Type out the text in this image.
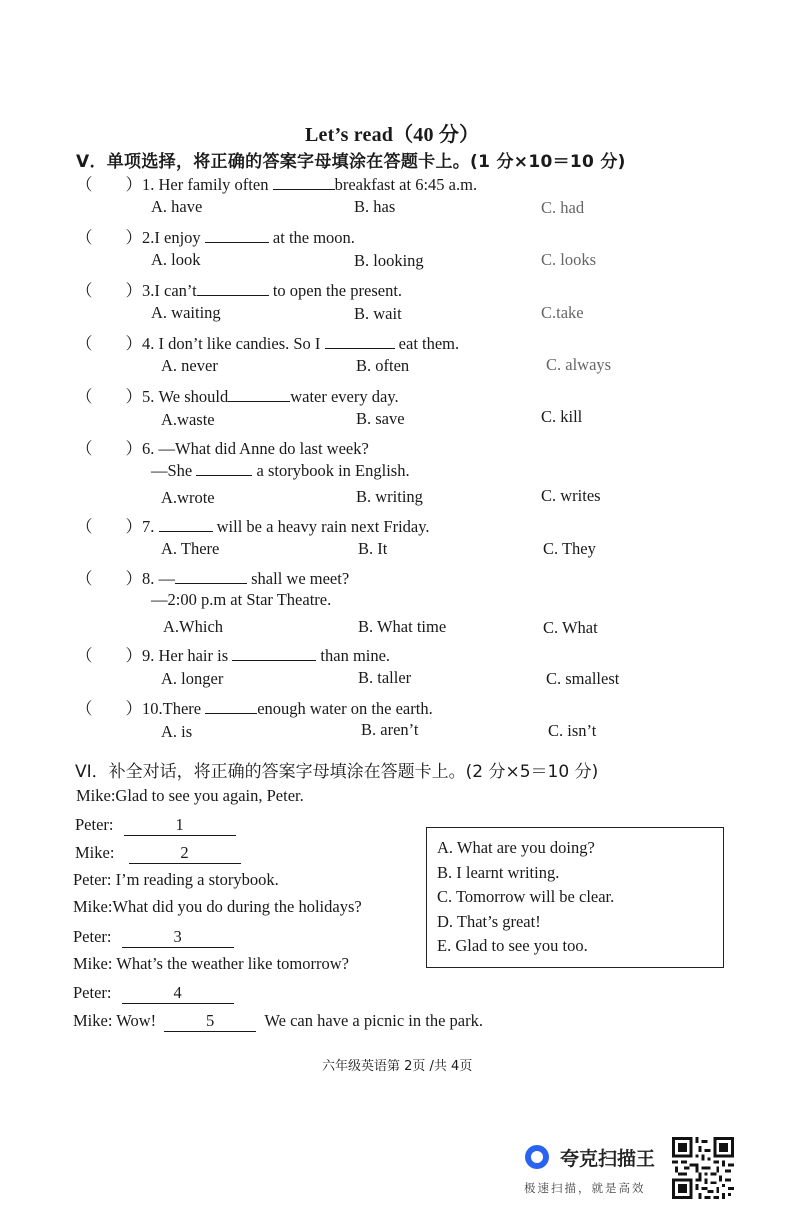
Let’s read（40 分）
V．单项选择，将正确的答案字母填涂在答题卡上。(1 分×10＝10 分)
（　　）1. Her family often	breakfast at 6:45 a.m.
A. have	B. has	C. had
（　　）2.I enjoy	at the moon.
A. look	B. looking	C. looks
（　　）3.I can’t	to open the present.
A. waiting	B. wait	C.take
（　　）4. I don’t like candies. So I	eat them.
A. never	B. often	C. always
（　　）5. We should	water every day.
A.waste	B. save	C. kill
（　　）6. —What did Anne do last week?
—She	a storybook in English.
A.wrote	B. writing	C. writes
（　　）7.	will be a heavy rain next Friday.
A. There	B. It	C. They
（　　）8. —	shall we meet?
—2:00 p.m at Star Theatre.
A.Which	B. What time	C. What
（　　）9. Her hair is	than mine.
A. longer	B. taller	C. smallest
（　　）10.There	enough water on the earth.
A. is	B. aren’t	C. isn’t
VI．补全对话，将正确的答案字母填涂在答题卡上。(2 分×5＝10 分)
Mike:Glad to see you again, Peter.
Peter:	1
Mike:	2
Peter: I’m reading a storybook.
Mike:What did you do during the holidays?
Peter:	3
Mike: What’s the weather like tomorrow?
Peter:	4
Mike: Wow!	5	We can have a picnic in the park.
A. What are you doing?
B. I learnt writing.
C. Tomorrow will be clear.
D. That’s great!
E. Glad to see you too.
六年级英语第 2页 /共 4页
夸克扫描王
极速扫描，就是高效
